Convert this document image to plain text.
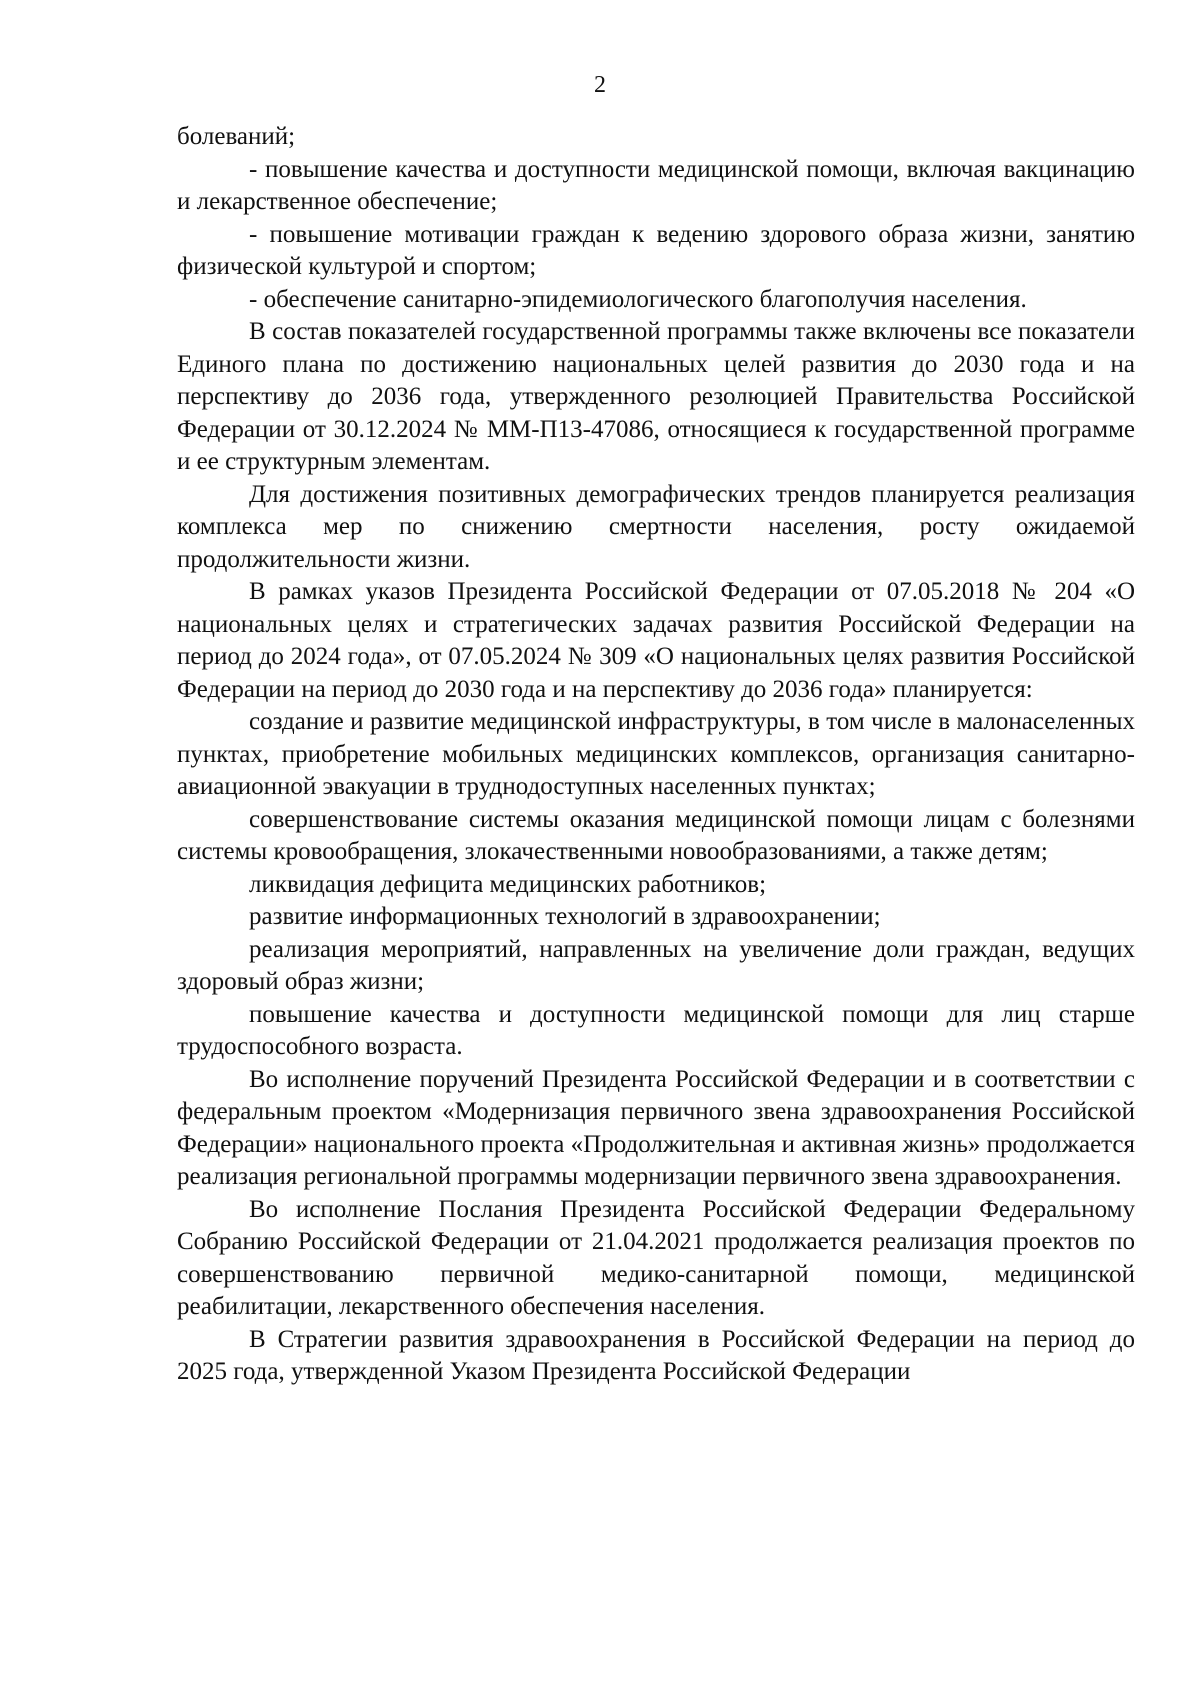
2

болеваний;

- повышение качества и доступности медицинской помощи, включая вакцинацию и лекарственное обеспечение;

- повышение мотивации граждан к ведению здорового образа жизни, занятию физической культурой и спортом;

- обеспечение санитарно-эпидемиологического благополучия населения.

В состав показателей государственной программы также включены все показатели Единого плана по достижению национальных целей развития до 2030 года и на перспективу до 2036 года, утвержденного резолюцией Правительства Российской Федерации от 30.12.2024 № ММ-П13-47086, относящиеся к государственной программе и ее структурным элементам.

Для достижения позитивных демографических трендов планируется реализация комплекса мер по снижению смертности населения, росту ожидаемой продолжительности жизни.

В рамках указов Президента Российской Федерации от 07.05.2018 № 204 «О национальных целях и стратегических задачах развития Российской Федерации на период до 2024 года», от 07.05.2024 № 309 «О национальных целях развития Российской Федерации на период до 2030 года и на перспективу до 2036 года» планируется:

создание и развитие медицинской инфраструктуры, в том числе в малонаселенных пунктах, приобретение мобильных медицинских комплексов, организация санитарно-авиационной эвакуации в труднодоступных населенных пунктах;

совершенствование системы оказания медицинской помощи лицам с болезнями системы кровообращения, злокачественными новообразованиями, а также детям;

ликвидация дефицита медицинских работников;

развитие информационных технологий в здравоохранении;

реализация мероприятий, направленных на увеличение доли граждан, ведущих здоровый образ жизни;

повышение качества и доступности медицинской помощи для лиц старше трудоспособного возраста.

Во исполнение поручений Президента Российской Федерации и в соответствии с федеральным проектом «Модернизация первичного звена здравоохранения Российской Федерации» национального проекта «Продолжительная и активная жизнь» продолжается реализация региональной программы модернизации первичного звена здравоохранения.

Во исполнение Послания Президента Российской Федерации Федеральному Собранию Российской Федерации от 21.04.2021 продолжается реализация проектов по совершенствованию первичной медико-санитарной помощи, медицинской реабилитации, лекарственного обеспечения населения.

В Стратегии развития здравоохранения в Российской Федерации на период до 2025 года, утвержденной Указом Президента Российской Федерации
